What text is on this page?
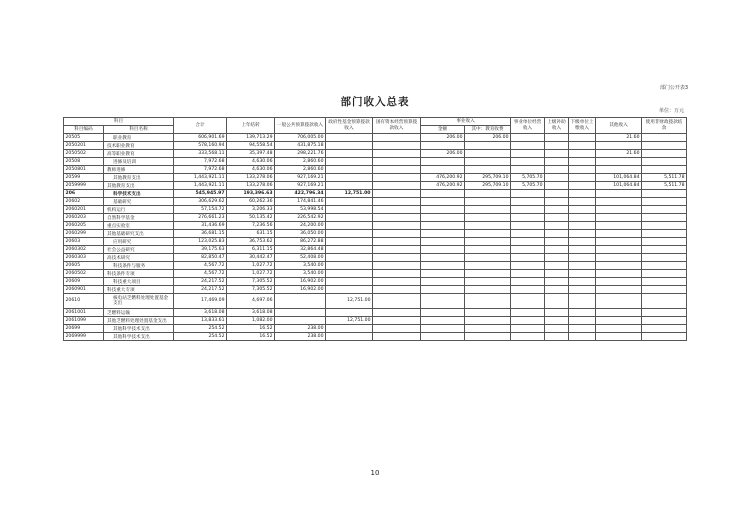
部门公开表3
部门收入总表
单位：万元
科目		合计	上年结转	一般公共预算拨款收入	政府性基金预算拨款收入	国有资本经营预算拨款收入	事业收入		事业单位经营收入	上级补助收入	下级单位上缴收入	其他收入	使用非财政拨款结余
科目编码	科目名称						金额	其中：教育收费					
20505	职业教育	606,901.69	139,713.29	706,005.00			206.00	206.00				21.60	
2050201	技术职业教育	578,160.94	94,558.54	431,875.18									
2050502	高等职业教育	333,568.11	35,397.48	298,221.76			206.00					21.60	
20508	进修及培训	7,972.68	4,630.06	2,860.60									
2050801	教师进修	7,972.68	4,630.06	2,860.60									
20599	其他教育支出	1,443,921.11	133,278.06	927,169.21			476,200.92	295,709.10	5,705.70			101,064.84	5,511.78
2059999	其他教育支出	1,443,921.11	133,278.06	927,169.21			476,200.92	295,709.10	5,705.70			101,064.84	5,511.78
206	科学技术支出	545,945.97	193,396.63	422,796.34	12,751.00								
20602	基础研究	306,629.62	60,262.36	174,841.46									
2060201	机构运行	57,154.72	3,206.33	53,998.54									
2060203	自然科学基金	276,661.23	50,135.42	226,542.92									
2060205	重点实验室	31,436.69	7,236.56	24,200.00									
2060299	其他基础研究支出	36,681.15	631.15	36,050.00									
20603	应用研究	123,025.83	36,753.62	86,272.88									
2060302	社会公益研究	39,175.63	6,311.15	32,864.48									
2060303	高技术研究	82,850.47	30,442.47	52,408.00									
20605	科技条件与服务	4,567.72	1,027.72	3,540.00									
2060502	科技条件专项	4,567.72	1,027.72	3,540.00									
20609	科技重大项目	24,217.52	7,305.52	16,902.00									
2060901	科技重大专项	24,217.52	7,305.52	16,902.00									
20610	核电站乏燃料处理处置基金支出	17,469.09	4,697.06		12,751.00								
2061001	乏燃料运输	3,618.08	3,618.08										
2061099	其他乏燃料处理处置基金支出	13,833.61	1,082.00		12,751.00								
20699	其他科学技术支出	254.52	16.52	238.00									
2069999	其他科学技术支出	254.52	16.52	238.00									
10
